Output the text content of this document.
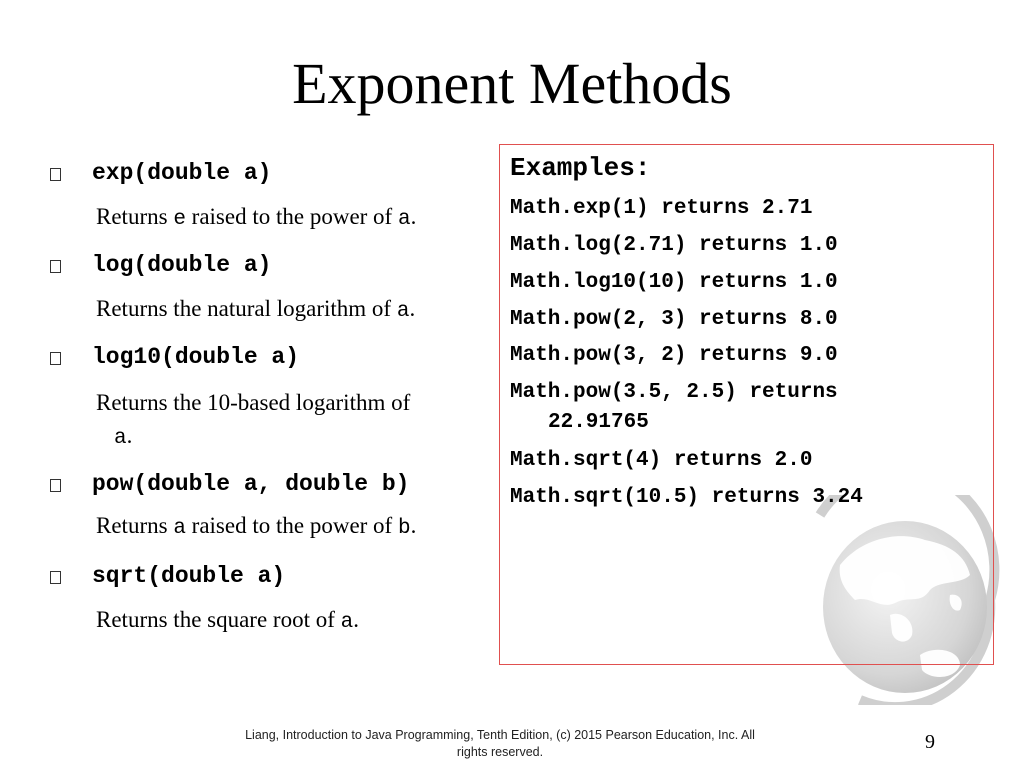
Exponent Methods
exp(double a)
Returns e raised to the power of a.
log(double a)
Returns the natural logarithm of a.
log10(double a)
Returns the 10-based logarithm of
a.
pow(double a, double b)
Returns a raised to the power of b.
sqrt(double a)
Returns the square root of a.
Examples:
Math.exp(1) returns 2.71
Math.log(2.71) returns 1.0
Math.log10(10) returns 1.0
Math.pow(2, 3) returns 8.0
Math.pow(3, 2) returns 9.0
Math.pow(3.5, 2.5) returns
22.91765
Math.sqrt(4) returns 2.0
Math.sqrt(10.5) returns 3.24
Liang, Introduction to Java Programming, Tenth Edition, (c) 2015 Pearson Education, Inc. All
rights reserved.	9
